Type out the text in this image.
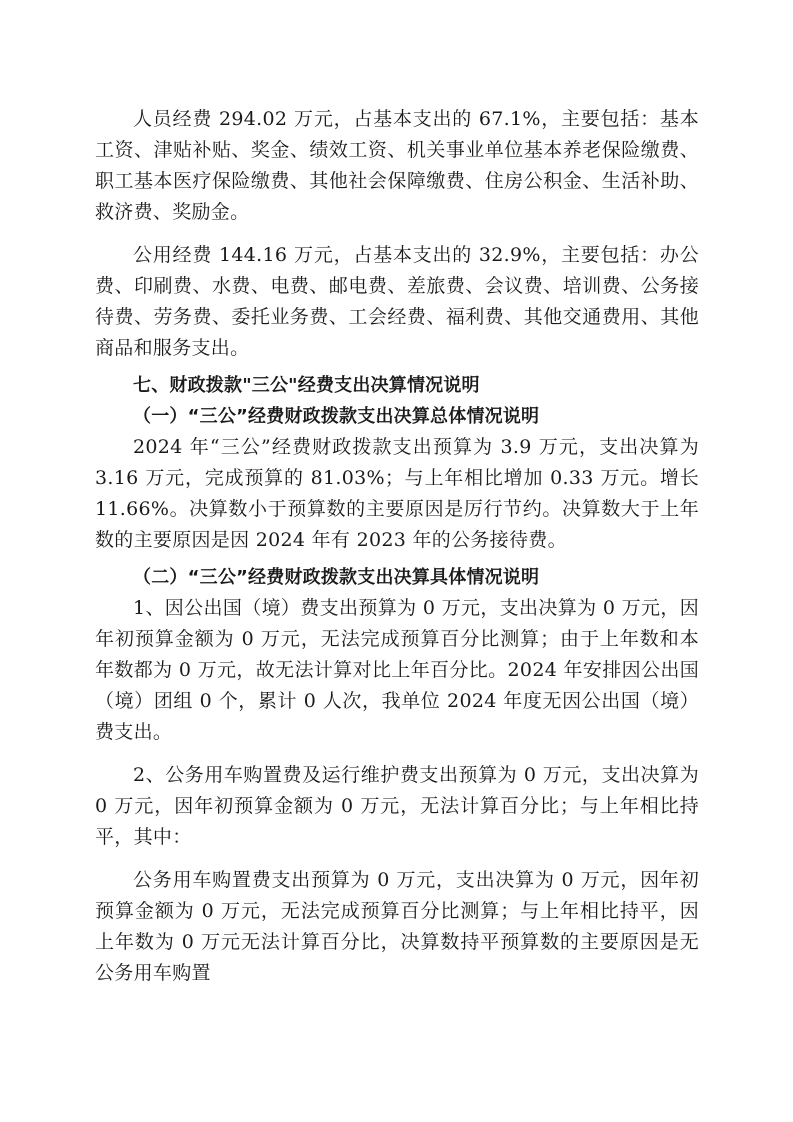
人员经费 294.02 万元，占基本支出的 67.1%，主要包括：基本工资、津贴补贴、奖金、绩效工资、机关事业单位基本养老保险缴费、职工基本医疗保险缴费、其他社会保障缴费、住房公积金、生活补助、救济费、奖励金。

公用经费 144.16 万元，占基本支出的 32.9%，主要包括：办公费、印刷费、水费、电费、邮电费、差旅费、会议费、培训费、公务接待费、劳务费、委托业务费、工会经费、福利费、其他交通费用、其他商品和服务支出。

七、财政拨款"三公"经费支出决算情况说明

（一）“三公”经费财政拨款支出决算总体情况说明

2024 年“三公”经费财政拨款支出预算为 3.9 万元，支出决算为3.16 万元，完成预算的 81.03%；与上年相比增加 0.33 万元。增长11.66%。决算数小于预算数的主要原因是厉行节约。决算数大于上年数的主要原因是因 2024 年有 2023 年的公务接待费。

（二）“三公”经费财政拨款支出决算具体情况说明

1、因公出国（境）费支出预算为 0 万元，支出决算为 0 万元，因年初预算金额为 0 万元，无法完成预算百分比测算；由于上年数和本年数都为 0 万元，故无法计算对比上年百分比。2024 年安排因公出国（境）团组 0 个，累计 0 人次，我单位 2024 年度无因公出国（境）费支出。

2、公务用车购置费及运行维护费支出预算为 0 万元，支出决算为 0 万元，因年初预算金额为 0 万元，无法计算百分比；与上年相比持平，其中：

公务用车购置费支出预算为 0 万元，支出决算为 0 万元，因年初预算金额为 0 万元，无法完成预算百分比测算；与上年相比持平，因上年数为 0 万元无法计算百分比，决算数持平预算数的主要原因是无公务用车购置
